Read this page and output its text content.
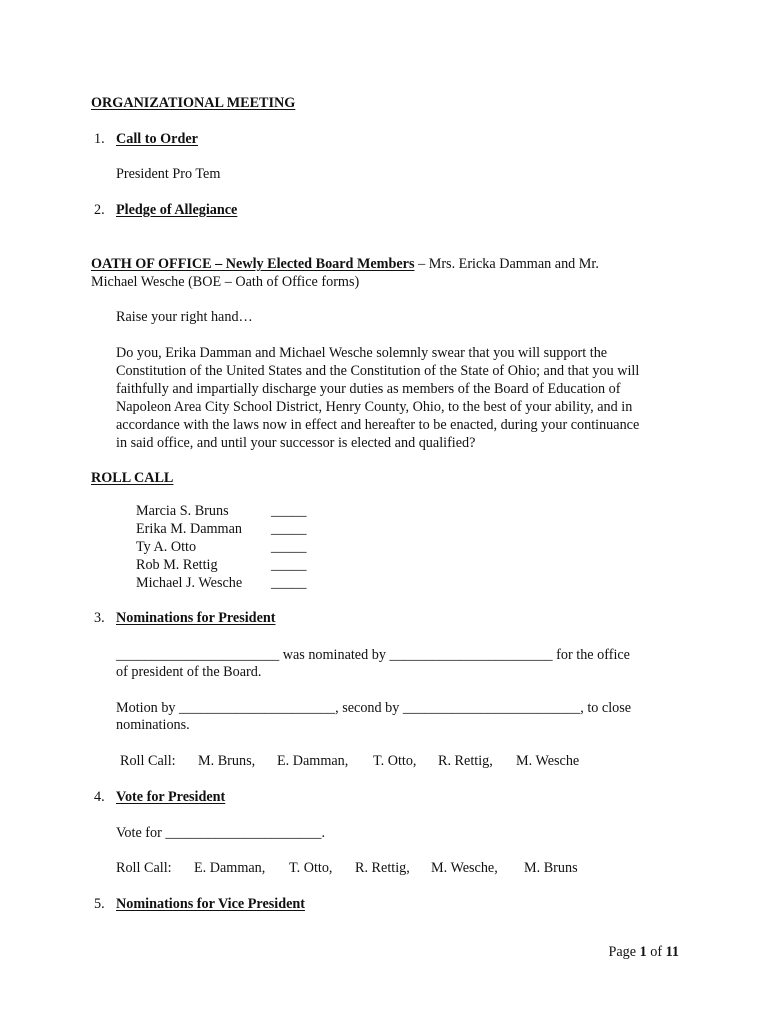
ORGANIZATIONAL MEETING
1. Call to Order
President Pro Tem
2. Pledge of Allegiance
OATH OF OFFICE – Newly Elected Board Members – Mrs. Ericka Damman and Mr.
Michael Wesche (BOE – Oath of Office forms)
Raise your right hand…
Do you, Erika Damman and Michael Wesche solemnly swear that you will support the
Constitution of the United States and the Constitution of the State of Ohio; and that you will
faithfully and impartially discharge your duties as members of the Board of Education of
Napoleon Area City School District, Henry County, Ohio, to the best of your ability, and in
accordance with the laws now in effect and hereafter to be enacted, during your continuance
in said office, and until your successor is elected and qualified?
ROLL CALL
Marcia S. Bruns	_____
Erika M. Damman _____
Ty A. Otto	_____
Rob M. Rettig	_____
Michael J. Wesche _____
3. Nominations for President
_______________________ was nominated by _______________________ for the office
of president of the Board.
Motion by ______________________, second by _________________________, to close
nominations.
Roll Call: M. Bruns, E. Damman, T. Otto, R. Rettig, M. Wesche
4. Vote for President
Vote for ______________________.
Roll Call: E. Damman, T. Otto, R. Rettig, M. Wesche, M. Bruns
5. Nominations for Vice President
Page 1 of 11
